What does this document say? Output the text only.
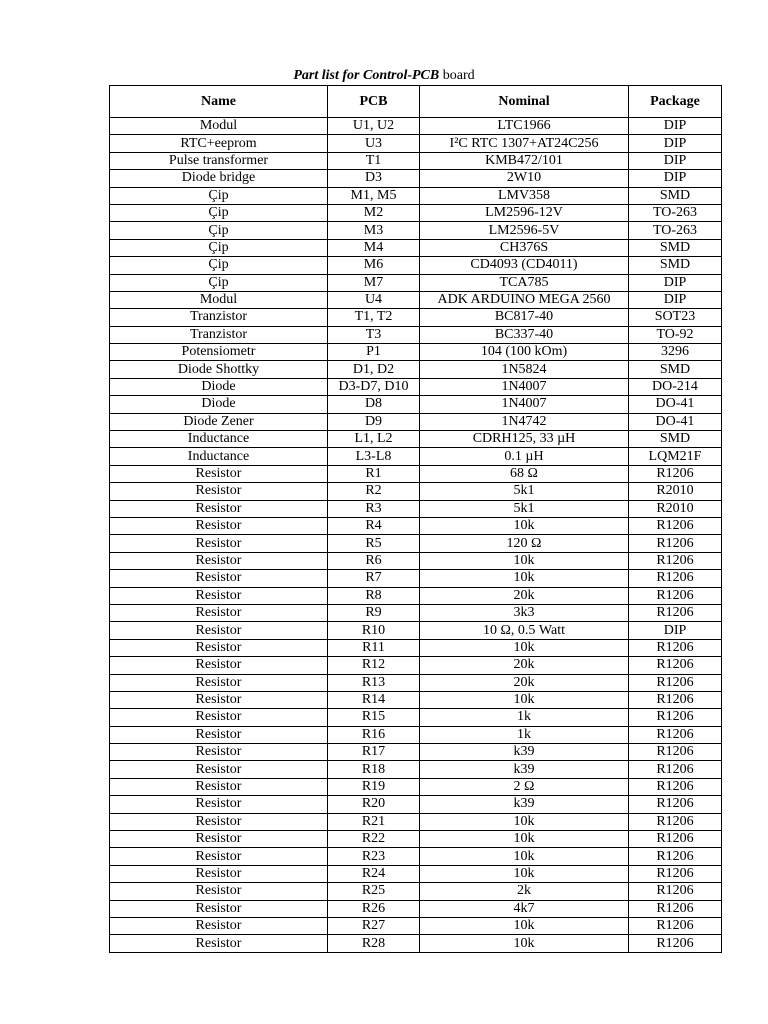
Part list for Control-PCB board
Name	PCB	Nominal	Package
Modul	U1, U2	LTC1966	DIP
RTC+eeprom	U3	I²C RTC 1307+AT24C256	DIP
Pulse transformer	T1	KMB472/101	DIP
Diode bridge	D3	2W10	DIP
Çip	M1, M5	LMV358	SMD
Çip	M2	LM2596-12V	TO-263
Çip	M3	LM2596-5V	TO-263
Çip	M4	CH376S	SMD
Çip	M6	CD4093 (CD4011)	SMD
Çip	M7	TCA785	DIP
Modul	U4	ADK ARDUINO MEGA 2560	DIP
Tranzistor	T1, T2	BC817-40	SOT23
Tranzistor	T3	BC337-40	TO-92
Potensiometr	P1	104 (100 kOm)	3296
Diode Shottky	D1, D2	1N5824	SMD
Diode	D3-D7, D10	1N4007	DO-214
Diode	D8	1N4007	DO-41
Diode Zener	D9	1N4742	DO-41
Inductance	L1, L2	CDRH125, 33 µH	SMD
Inductance	L3-L8	0.1 µH	LQM21F
Resistor	R1	68 Ω	R1206
Resistor	R2	5k1	R2010
Resistor	R3	5k1	R2010
Resistor	R4	10k	R1206
Resistor	R5	120 Ω	R1206
Resistor	R6	10k	R1206
Resistor	R7	10k	R1206
Resistor	R8	20k	R1206
Resistor	R9	3k3	R1206
Resistor	R10	10 Ω, 0.5 Watt	DIP
Resistor	R11	10k	R1206
Resistor	R12	20k	R1206
Resistor	R13	20k	R1206
Resistor	R14	10k	R1206
Resistor	R15	1k	R1206
Resistor	R16	1k	R1206
Resistor	R17	k39	R1206
Resistor	R18	k39	R1206
Resistor	R19	2 Ω	R1206
Resistor	R20	k39	R1206
Resistor	R21	10k	R1206
Resistor	R22	10k	R1206
Resistor	R23	10k	R1206
Resistor	R24	10k	R1206
Resistor	R25	2k	R1206
Resistor	R26	4k7	R1206
Resistor	R27	10k	R1206
Resistor	R28	10k	R1206
